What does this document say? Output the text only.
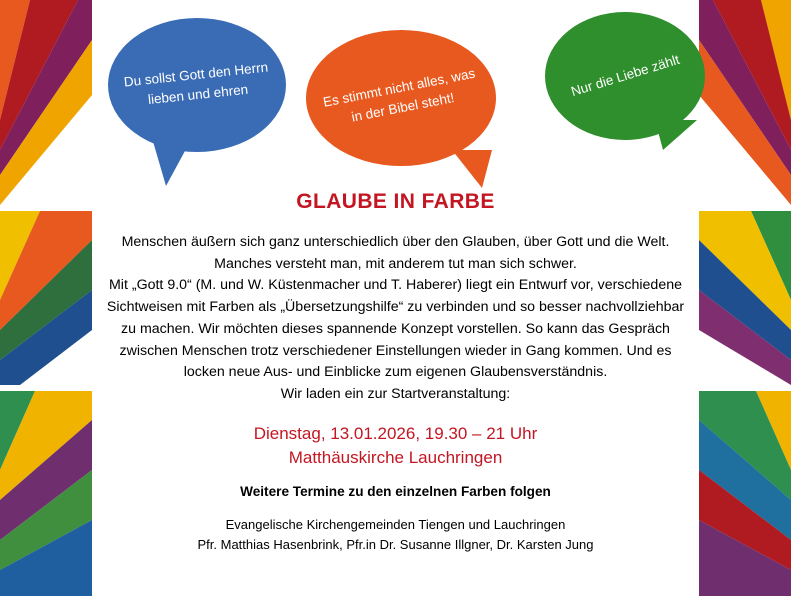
Du sollst Gott den Herrn lieben und ehren	Es stimmt nicht alles, was in der Bibel steht!
Nur die Liebe zählt
GLAUBE IN FARBE

Menschen äußern sich ganz unterschiedlich über den Glauben, über Gott und die Welt. Manches versteht man, mit anderem tut man sich schwer.

Mit „Gott 9.0“ (M. und W. Küstenmacher und T. Haberer) liegt ein Entwurf vor, verschiedene Sichtweisen mit Farben als „Übersetzungshilfe“ zu verbinden und so besser nachvollziehbar zu machen. Wir möchten dieses spannende Konzept vorstellen. So kann das Gespräch zwischen Menschen trotz verschiedener Einstellungen wieder in Gang kommen. Und es locken neue Aus- und Einblicke zum eigenen Glaubensverständnis.

Wir laden ein zur Startveranstaltung:

Dienstag, 13.01.2026, 19.30 – 21 Uhr
Matthäuskirche Lauchringen
Weitere Termine zu den einzelnen Farben folgen
Evangelische Kirchengemeinden Tiengen und Lauchringen
Pfr. Matthias Hasenbrink, Pfr.in Dr. Susanne Illgner, Dr. Karsten Jung
